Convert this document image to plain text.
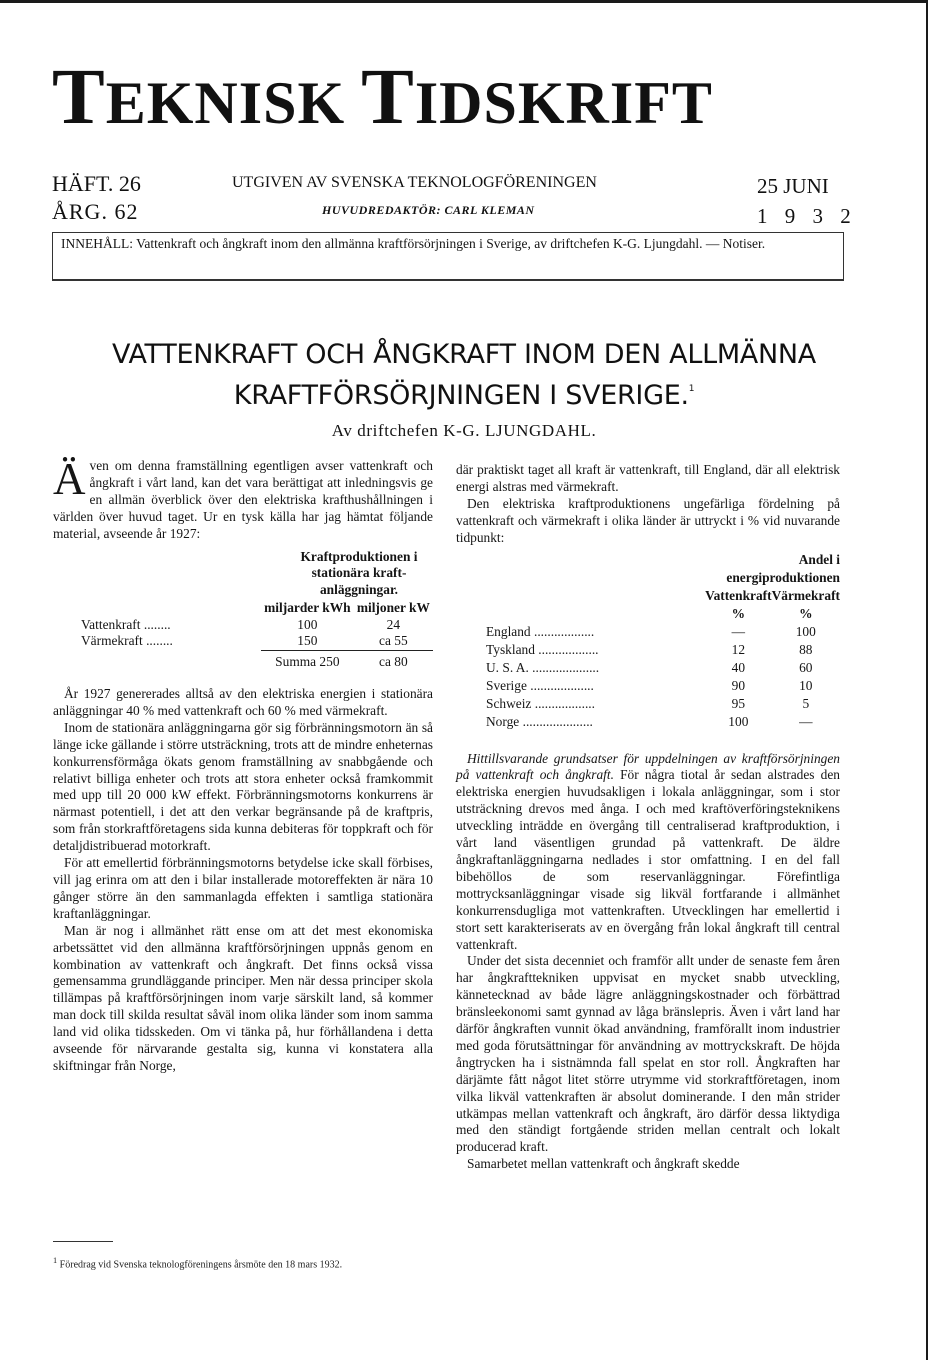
TEKNISK TIDSKRIFT
HÄFT. 26
ÅRG. 62
UTGIVEN AV SVENSKA TEKNOLOGFÖRENINGEN
HUVUDREDAKTÖR: CARL KLEMAN
25 JUNI
1 9 3 2
INNEHÅLL: Vattenkraft och ångkraft inom den allmänna kraftförsörjningen i Sverige, av driftchefen K-G. Ljungdahl. — Notiser.
VATTENKRAFT OCH ÅNGKRAFT INOM DEN ALLMÄNNA
KRAFTFÖRSÖRJNINGEN I SVERIGE.$^1$
Av driftchefen K-G. LJUNGDAHL.

Även om denna framställning egentligen avser vattenkraft och ångkraft i vårt land, kan det vara berättigat att inledningsvis ge en allmän överblick över den elektriska krafthushållningen i världen över huvud taget. Ur en tysk källa har jag hämtat följande material, avseende år 1927:

	Kraftproduktionen i stationära kraft-anläggningar.	
	miljarder kWh	miljoner kW
Vattenkraft ........	100	24
Värmekraft ........	150	ca 55
	Summa 250	ca 80

År 1927 genererades alltså av den elektriska energien i stationära anläggningar 40 % med vattenkraft och 60 % med värmekraft.

Inom de stationära anläggningarna gör sig förbränningsmotorn än så länge icke gällande i större utsträckning, trots att de mindre enheternas konkurrensförmåga ökats genom framställning av snabbgående och relativt billiga enheter och trots att stora enheter också framkommit med upp till 20 000 kW effekt. Förbränningsmotorns konkurrens är närmast potentiell, i det att den verkar begränsande på de kraftpris, som från storkraftföretagens sida kunna debiteras för toppkraft och för detaljdistribuerad motorkraft.

För att emellertid förbränningsmotorns betydelse icke skall förbises, vill jag erinra om att den i bilar installerade motoreffekten är nära 10 gånger större än den sammanlagda effekten i samtliga stationära kraftanläggningar.

Man är nog i allmänhet rätt ense om att det mest ekonomiska arbetssättet vid den allmänna kraftförsörjningen uppnås genom en kombination av vattenkraft och ångkraft. Det finns också vissa gemensamma grundläggande principer. Men när dessa principer skola tillämpas på kraftförsörjningen inom varje särskilt land, så kommer man dock till skilda resultat såväl inom olika länder som inom samma land vid olika tidsskeden. Om vi tänka på, hur förhållandena i detta avseende för närvarande gestalta sig, kunna vi konstatera alla skiftningar från Norge,

där praktiskt taget all kraft är vattenkraft, till England, där all elektrisk energi alstras med värmekraft.

Den elektriska kraftproduktionens ungefärliga fördelning på vattenkraft och värmekraft i olika länder är uttryckt i % vid nuvarande tidpunkt:

	Andel i energiproduktionen	
	Vattenkraft	Värmekraft
	%	%
England ..................	—	100
Tyskland ..................	12	88
U. S. A. ....................	40	60
Sverige ...................	90	10
Schweiz ..................	95	5
Norge .....................	100	—

Hittillsvarande grundsatser för uppdelningen av kraftförsörjningen på vattenkraft och ångkraft. För några tiotal år sedan alstrades den elektriska energien huvudsakligen i lokala anläggningar, som i stor utsträckning drevos med ånga. I och med kraftöverföringsteknikens utveckling inträdde en övergång till centraliserad kraftproduktion, i vårt land väsentligen grundad på vattenkraft. De äldre ångkraftanläggningarna nedlades i stor omfattning. I en del fall bibehöllos de som reservanläggningar. Förefintliga mottrycksanläggningar visade sig likväl fortfarande i allmänhet konkurrensdugliga mot vattenkraften. Utvecklingen har emellertid i stort sett karakteriserats av en övergång från lokal ångkraft till central vattenkraft.

Under det sista decenniet och framför allt under de senaste fem åren har ångkrafttekniken uppvisat en mycket snabb utveckling, kännetecknad av både lägre anläggningskostnader och förbättrad bränsleekonomi samt gynnad av låga bränslepris. Även i vårt land har därför ångkraften vunnit ökad användning, framförallt inom industrier med goda förutsättningar för användning av mottryckskraft. De höjda ångtrycken ha i sistnämnda fall spelat en stor roll. Ångkraften har därjämte fått något litet större utrymme vid storkraftföretagen, inom vilka likväl vattenkraften är absolut dominerande. I den mån strider utkämpas mellan vattenkraft och ångkraft, äro därför dessa liktydiga med den ständigt fortgående striden mellan centralt och lokalt producerad kraft.

Samarbetet mellan vattenkraft och ångkraft skedde

$^1$ Föredrag vid Svenska teknologföreningens årsmöte den 18 mars 1932.
